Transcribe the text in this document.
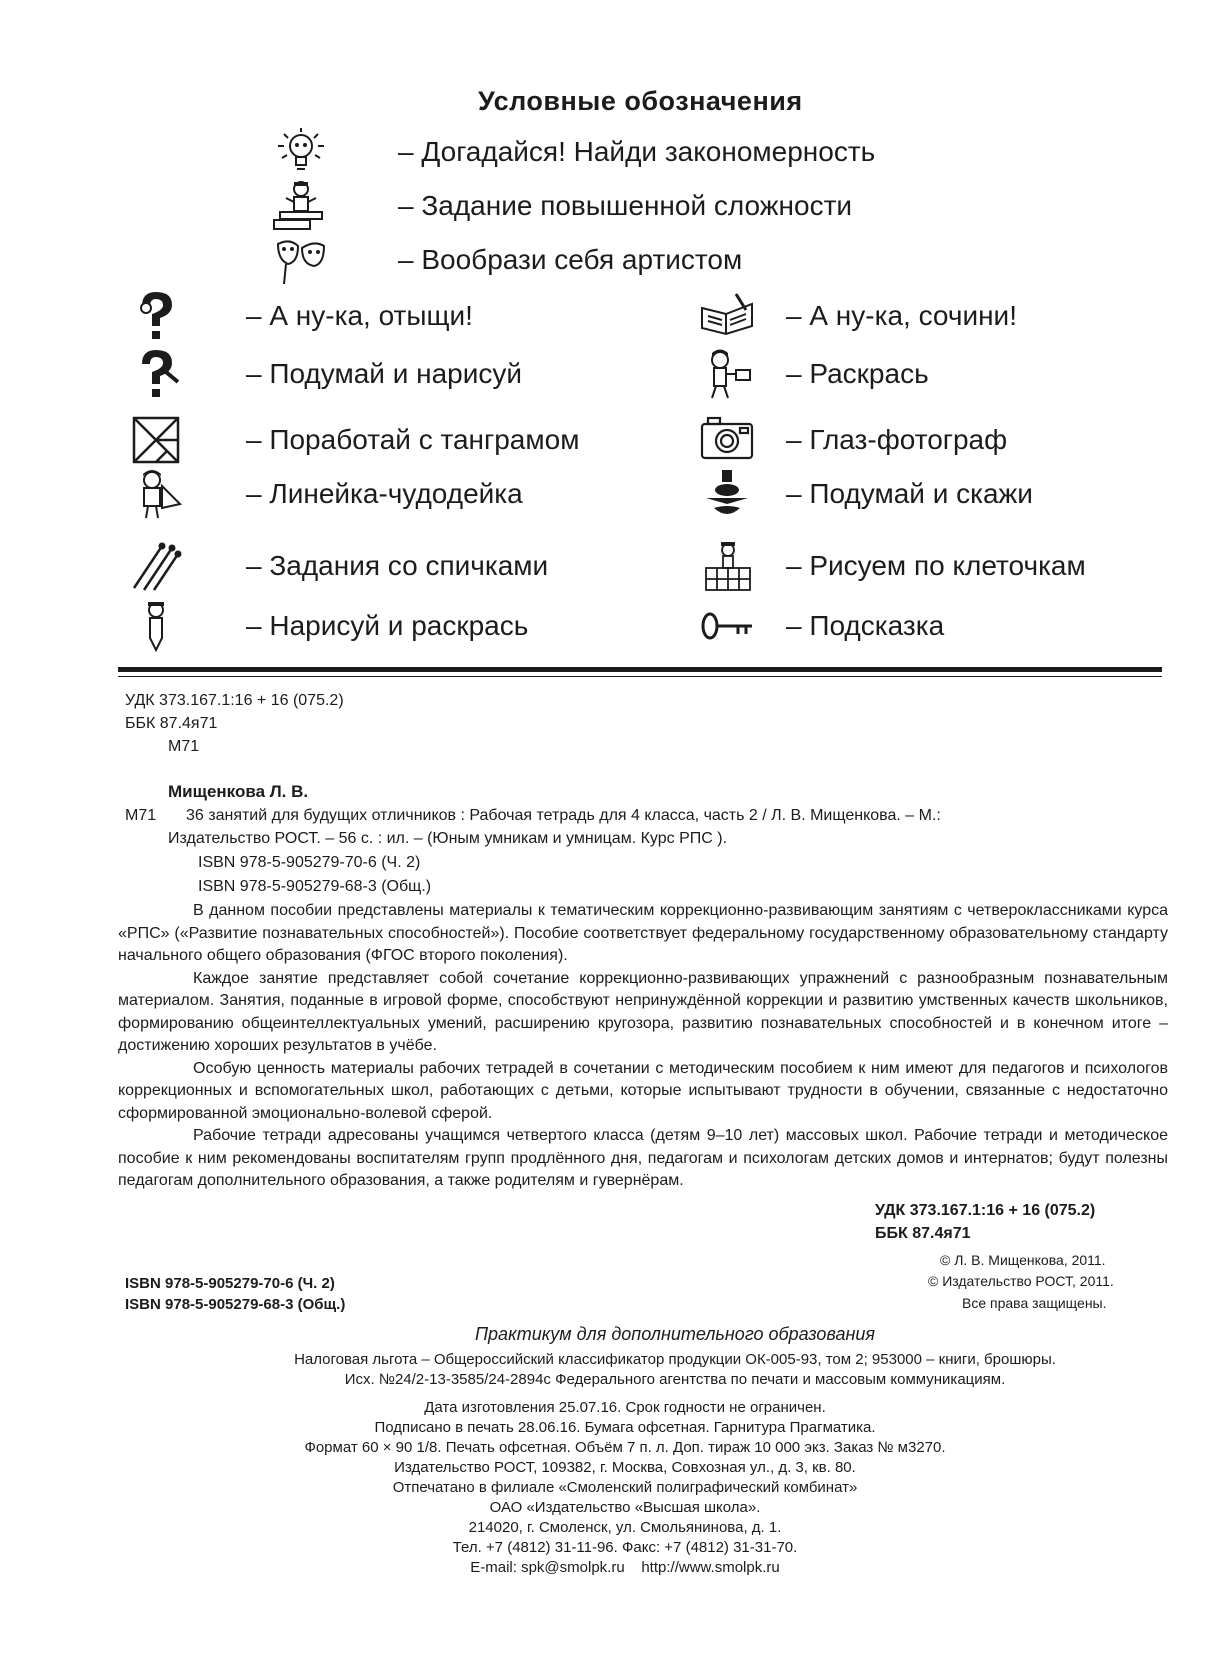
Условные обозначения
– Догадайся! Найди закономерность
– Задание повышенной сложности
– Вообрази себя артистом
– А ну-ка, отыщи!
– Подумай и нарисуй
– Поработай с танграмом
– Линейка-чудодейка
– Задания со спичками
– Нарисуй и раскрась
– А ну-ка, сочини!
– Раскрась
– Глаз-фотограф
– Подумай и скажи
– Рисуем по клеточкам
– Подсказка
УДК 373.167.1:16 + 16 (075.2)
ББК 87.4я71
М71
Мищенкова Л. В.
М71 36 занятий для будущих отличников : Рабочая тетрадь для 4 класса, часть 2 / Л. В. Мищенкова. – М.:
Издательство РОСТ. – 56 с. : ил. – (Юным умникам и умницам. Курс РПС ).
ISBN 978-5-905279-70-6 (Ч. 2)
ISBN 978-5-905279-68-3 (Общ.)

В данном пособии представлены материалы к тематическим коррекционно-развивающим занятиям с четвероклассниками курса «РПС» («Развитие познавательных способностей»). Пособие соответствует федеральному государственному образовательному стандарту начального общего образования (ФГОС второго поколения).

Каждое занятие представляет собой сочетание коррекционно-развивающих упражнений с разнообразным познавательным материалом. Занятия, поданные в игровой форме, способствуют непринуждённой коррекции и развитию умственных качеств школьников, формированию общеинтеллектуальных умений, расширению кругозора, развитию познавательных способностей и в конечном итоге – достижению хороших результатов в учёбе.

Особую ценность материалы рабочих тетрадей в сочетании с методическим пособием к ним имеют для педагогов и психологов коррекционных и вспомогательных школ, работающих с детьми, которые испытывают трудности в обучении, связанные с недостаточно сформированной эмоционально-волевой сферой.

Рабочие тетради адресованы учащимся четвертого класса (детям 9–10 лет) массовых школ. Рабочие тетради и методическое пособие к ним рекомендованы воспитателям групп продлённого дня, педагогам и психологам детских домов и интернатов; будут полезны педагогам дополнительного образования, а также родителям и гувернёрам.

УДК 373.167.1:16 + 16 (075.2)
ББК 87.4я71
© Л. В. Мищенкова, 2011.
© Издательство РОСТ, 2011.
Все права защищены.
ISBN 978-5-905279-70-6 (Ч. 2)
ISBN 978-5-905279-68-3 (Общ.)
Практикум для дополнительного образования
Налоговая льгота – Общероссийский классификатор продукции ОК-005-93, том 2; 953000 – книги, брошюры.
Исх. №24/2-13-3585/24-2894с Федерального агентства по печати и массовым коммуникациям.
Дата изготовления 25.07.16. Срок годности не ограничен.
Подписано в печать 28.06.16. Бумага офсетная. Гарнитура Прагматика.
Формат 60 × 90 1/8. Печать офсетная. Объём 7 п. л. Доп. тираж 10 000 экз. Заказ № м3270.
Издательство РОСТ, 109382, г. Москва, Совхозная ул., д. 3, кв. 80.
Отпечатано в филиале «Смоленский полиграфический комбинат»
ОАО «Издательство «Высшая школа».
214020, г. Смоленск, ул. Смольянинова, д. 1.
Тел. +7 (4812) 31-11-96. Факс: +7 (4812) 31-31-70.
E-mail: spk@smolpk.ru    http://www.smolpk.ru
